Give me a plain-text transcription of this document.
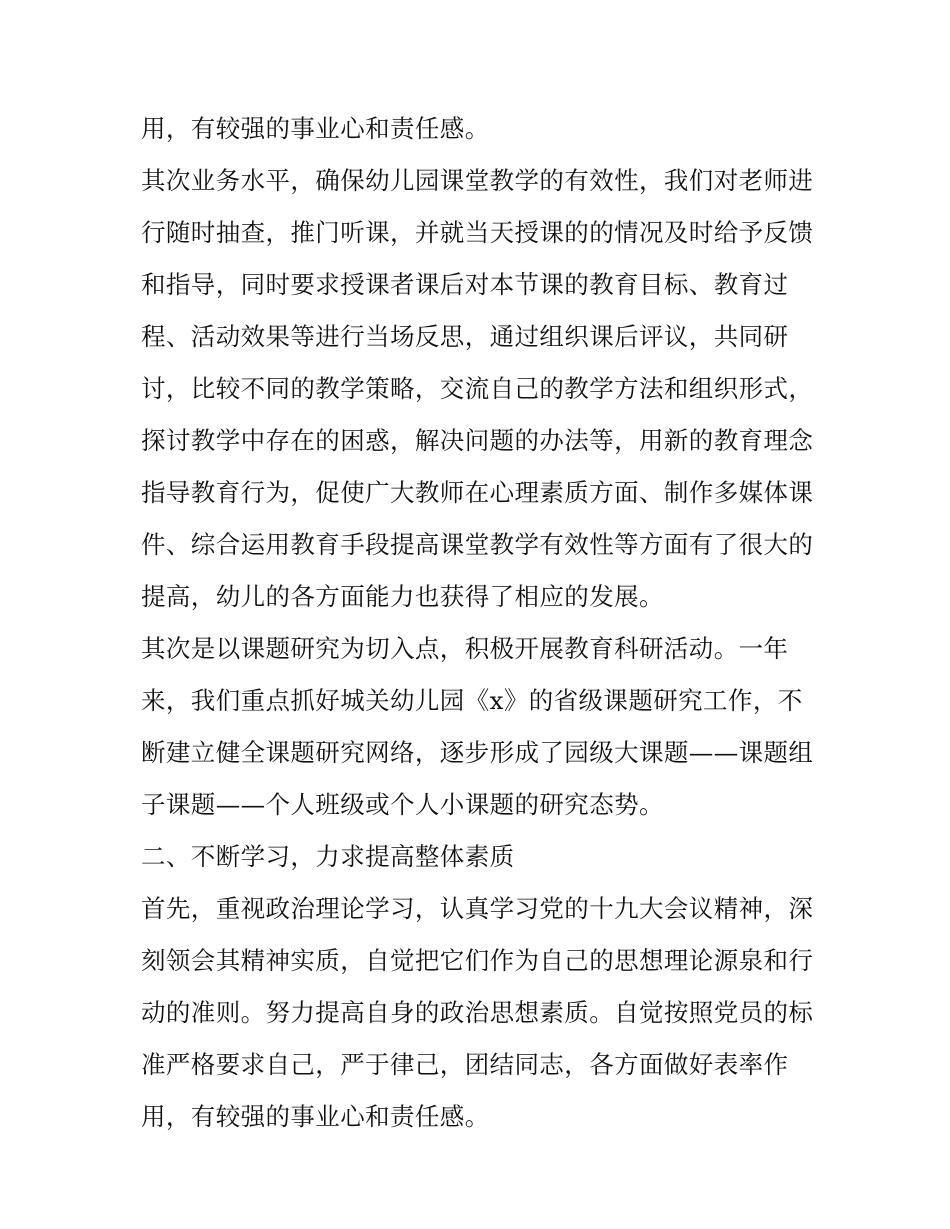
用，有较强的事业心和责任感。
其次业务水平，确保幼儿园课堂教学的有效性，我们对老师进
行随时抽查，推门听课，并就当天授课的的情况及时给予反馈
和指导，同时要求授课者课后对本节课的教育目标、教育过
程、活动效果等进行当场反思，通过组织课后评议，共同研
讨，比较不同的教学策略，交流自己的教学方法和组织形式，
探讨教学中存在的困惑，解决问题的办法等，用新的教育理念
指导教育行为，促使广大教师在心理素质方面、制作多媒体课
件、综合运用教育手段提高课堂教学有效性等方面有了很大的
提高，幼儿的各方面能力也获得了相应的发展。
其次是以课题研究为切入点，积极开展教育科研活动。一年
来，我们重点抓好城关幼儿园《x》的省级课题研究工作，不
断建立健全课题研究网络，逐步形成了园级大课题——课题组
子课题——个人班级或个人小课题的研究态势。
二、不断学习，力求提高整体素质
首先，重视政治理论学习，认真学习党的十九大会议精神，深
刻领会其精神实质，自觉把它们作为自己的思想理论源泉和行
动的准则。努力提高自身的政治思想素质。自觉按照党员的标
准严格要求自己，严于律己，团结同志，各方面做好表率作
用，有较强的事业心和责任感。
